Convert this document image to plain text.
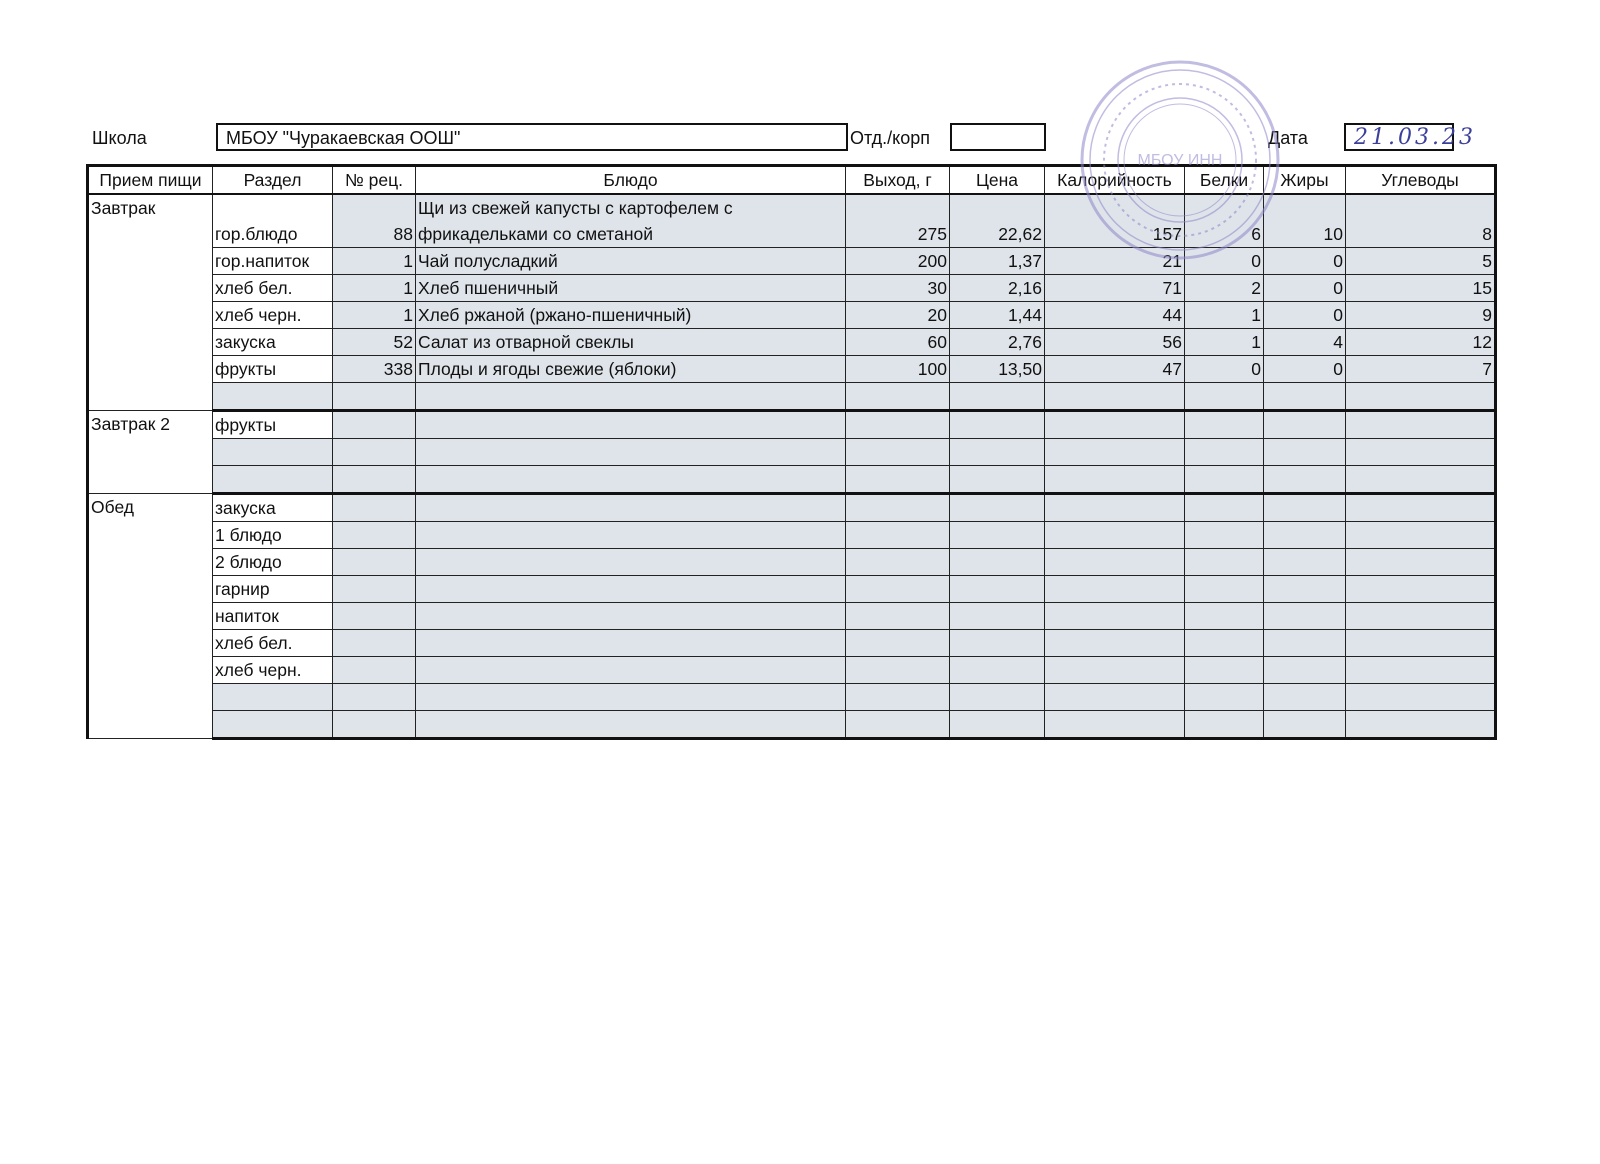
Школа	МБОУ "Чуракаевская ООШ"	Отд./корп	Дата	21.03.23
Прием пищи	Раздел	№ рец.	Блюдо	Выход, г	Цена	Калорийность	Белки	Жиры	Углеводы
Завтрак	гор.блюдо	88	Щи из свежей капусты с картофелем с фрикадельками со сметаной	275	22,62	157	6	10	8
	гор.напиток	1	Чай полусладкий	200	1,37	21	0	0	5
	хлеб бел.	1	Хлеб пшеничный	30	2,16	71	2	0	15
	хлеб черн.	1	Хлеб ржаной (ржано-пшеничный)	20	1,44	44	1	0	9
	закуска	52	Салат из отварной свеклы	60	2,76	56	1	4	12
	фрукты	338	Плоды и ягоды свежие (яблоки)	100	13,50	47	0	0	7

Завтрак 2	фрукты								

Обед	закуска								
	1 блюдо								
	2 блюдо								
	гарнир								
	напиток								
	хлеб бел.								
	хлеб черн.								

МБОУ ИНН
